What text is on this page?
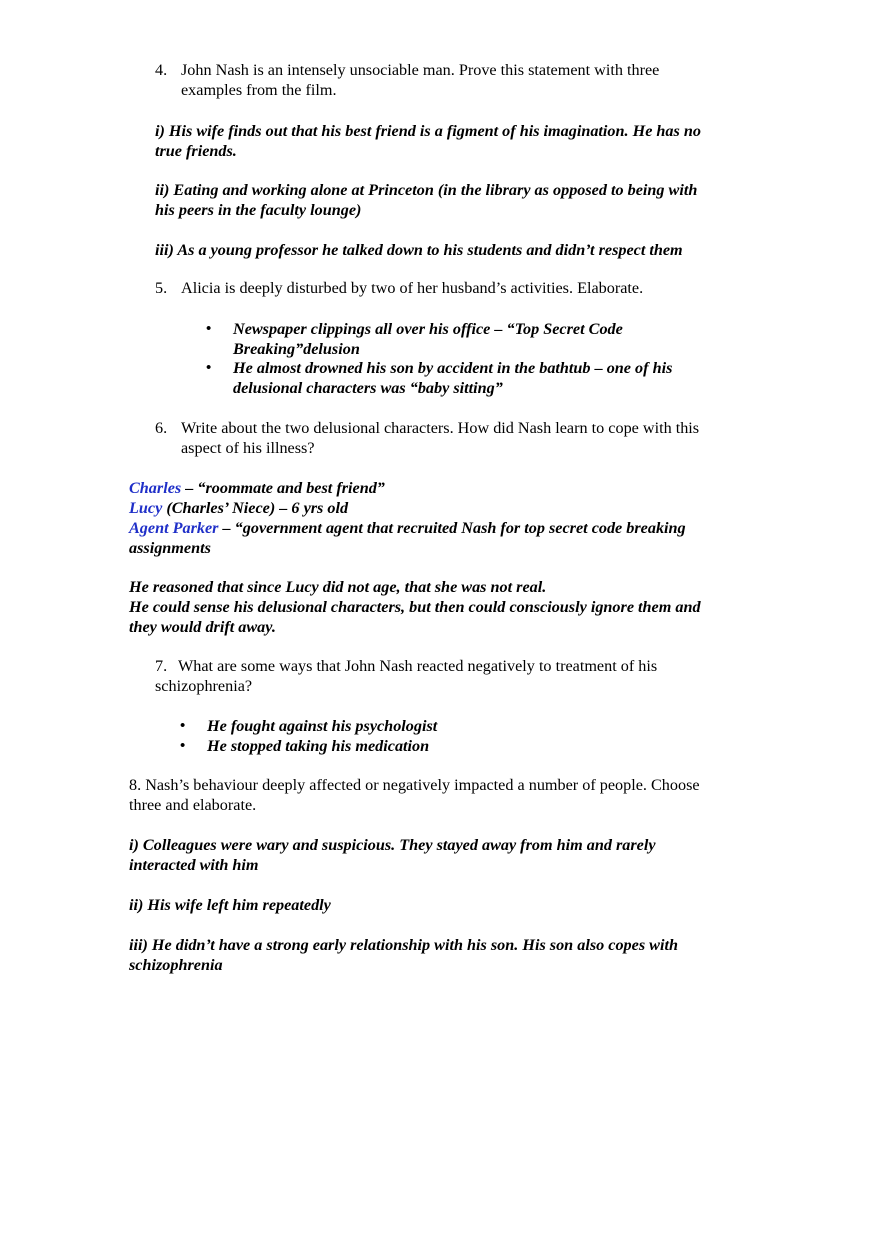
4. John Nash is an intensely unsociable man. Prove this statement with three
examples from the film.
i) His wife finds out that his best friend is a figment of his imagination. He has no
true friends.
ii) Eating and working alone at Princeton (in the library as opposed to being with
his peers in the faculty lounge)
iii) As a young professor he talked down to his students and didn’t respect them
5. Alicia is deeply disturbed by two of her husband’s activities. Elaborate.
• Newspaper clippings all over his office – “Top Secret Code
Breaking”delusion
• He almost drowned his son by accident in the bathtub – one of his
delusional characters was “baby sitting”
6. Write about the two delusional characters. How did Nash learn to cope with this
aspect of his illness?
Charles – “roommate and best friend”
Lucy (Charles’ Niece) – 6 yrs old
Agent Parker – “government agent that recruited Nash for top secret code breaking
assignments
He reasoned that since Lucy did not age, that she was not real.
He could sense his delusional characters, but then could consciously ignore them and
they would drift away.
7. What are some ways that John Nash reacted negatively to treatment of his
schizophrenia?
• He fought against his psychologist
• He stopped taking his medication
8. Nash’s behaviour deeply affected or negatively impacted a number of people. Choose
three and elaborate.
i) Colleagues were wary and suspicious. They stayed away from him and rarely
interacted with him
ii) His wife left him repeatedly
iii) He didn’t have a strong early relationship with his son. His son also copes with
schizophrenia
